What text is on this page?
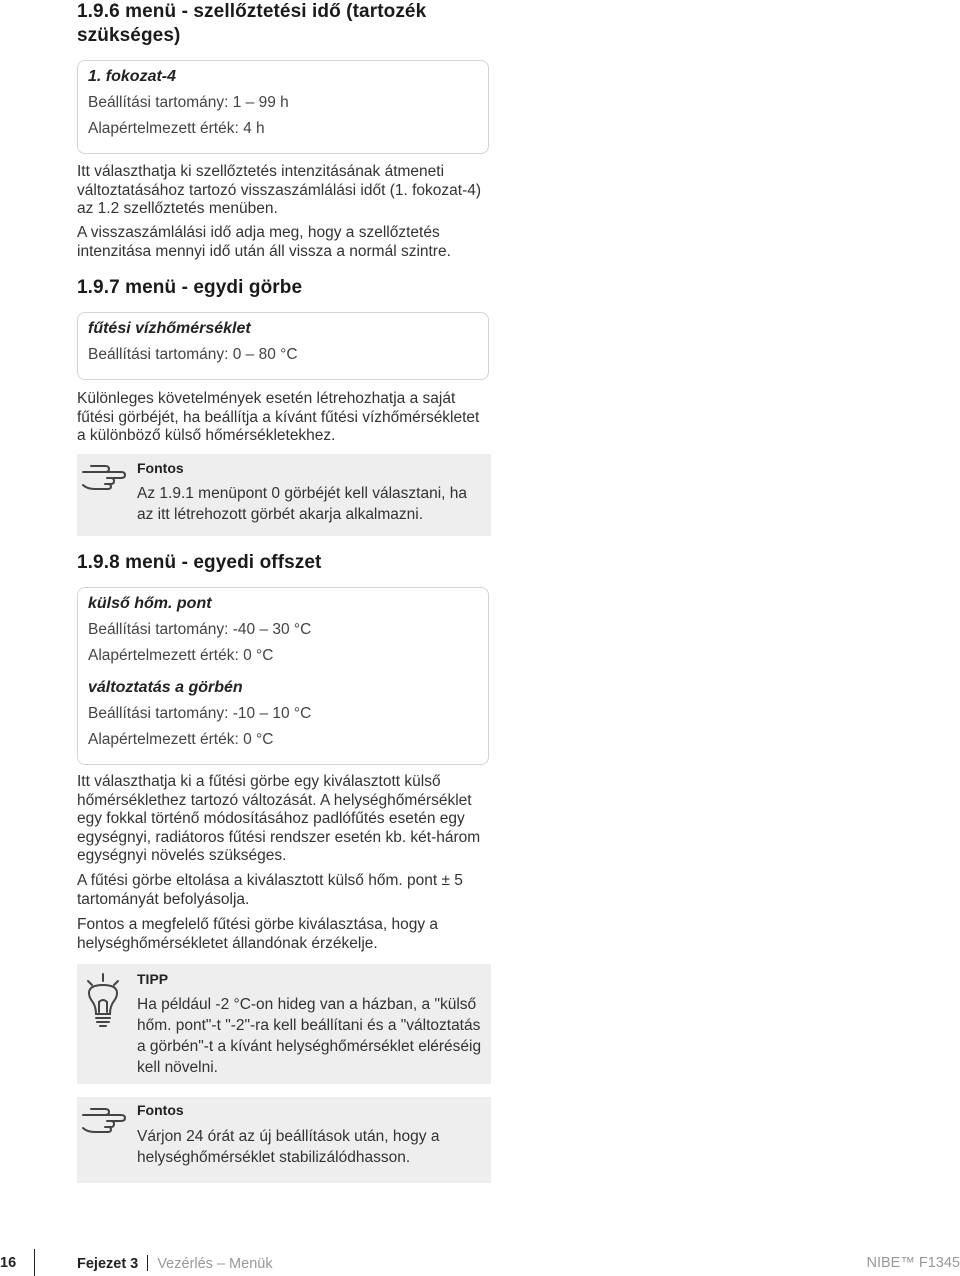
1.9.6 menü - szellőztetési idő (tartozék szükséges)
1. fokozat-4
Beállítási tartomány: 1 – 99 h
Alapértelmezett érték: 4 h

Itt választhatja ki szellőztetés intenzitásának átmeneti változtatásához tartozó visszaszámlálási időt (1. fokozat-4) az 1.2 szellőztetés menüben.

A visszaszámlálási idő adja meg, hogy a szellőztetés intenzitása mennyi idő után áll vissza a normál szintre.

1.9.7 menü - egydi görbe
fűtési vízhőmérséklet
Beállítási tartomány: 0 – 80 °C

Különleges követelmények esetén létrehozhatja a saját fűtési görbéjét, ha beállítja a kívánt fűtési vízhőmérsékletet a különböző külső hőmérsékletekhez.

Fontos
Az 1.9.1 menüpont 0 görbéjét kell választani, ha az itt létrehozott görbét akarja alkalmazni.
1.9.8 menü - egyedi offszet
külső hőm. pont
Beállítási tartomány: -40 – 30 °C
Alapértelmezett érték: 0 °C
változtatás a görbén
Beállítási tartomány: -10 – 10 °C
Alapértelmezett érték: 0 °C

Itt választhatja ki a fűtési görbe egy kiválasztott külső hőmérséklethez tartozó változását. A helységhőmérséklet egy fokkal történő módosításához padlófűtés esetén egy egységnyi, radiátoros fűtési rendszer esetén kb. két-három egységnyi növelés szükséges.

A fűtési görbe eltolása a kiválasztott külső hőm. pont ± 5 tartományát befolyásolja.

Fontos a megfelelő fűtési görbe kiválasztása, hogy a helységhőmérsékletet állandónak érzékelje.

TIPP
Ha például -2 °C-on hideg van a házban, a "külső hőm. pont"-t "-2"-ra kell beállítani és a "változtatás a görbén"-t a kívánt helységhőmérséklet eléréséig kell növelni.
Fontos
Várjon 24 órát az új beállítások után, hogy a helységhőmérséklet stabilizálódhasson.
16	Fejezet 3 Vezérlés – Menük	NIBE™ F1345
